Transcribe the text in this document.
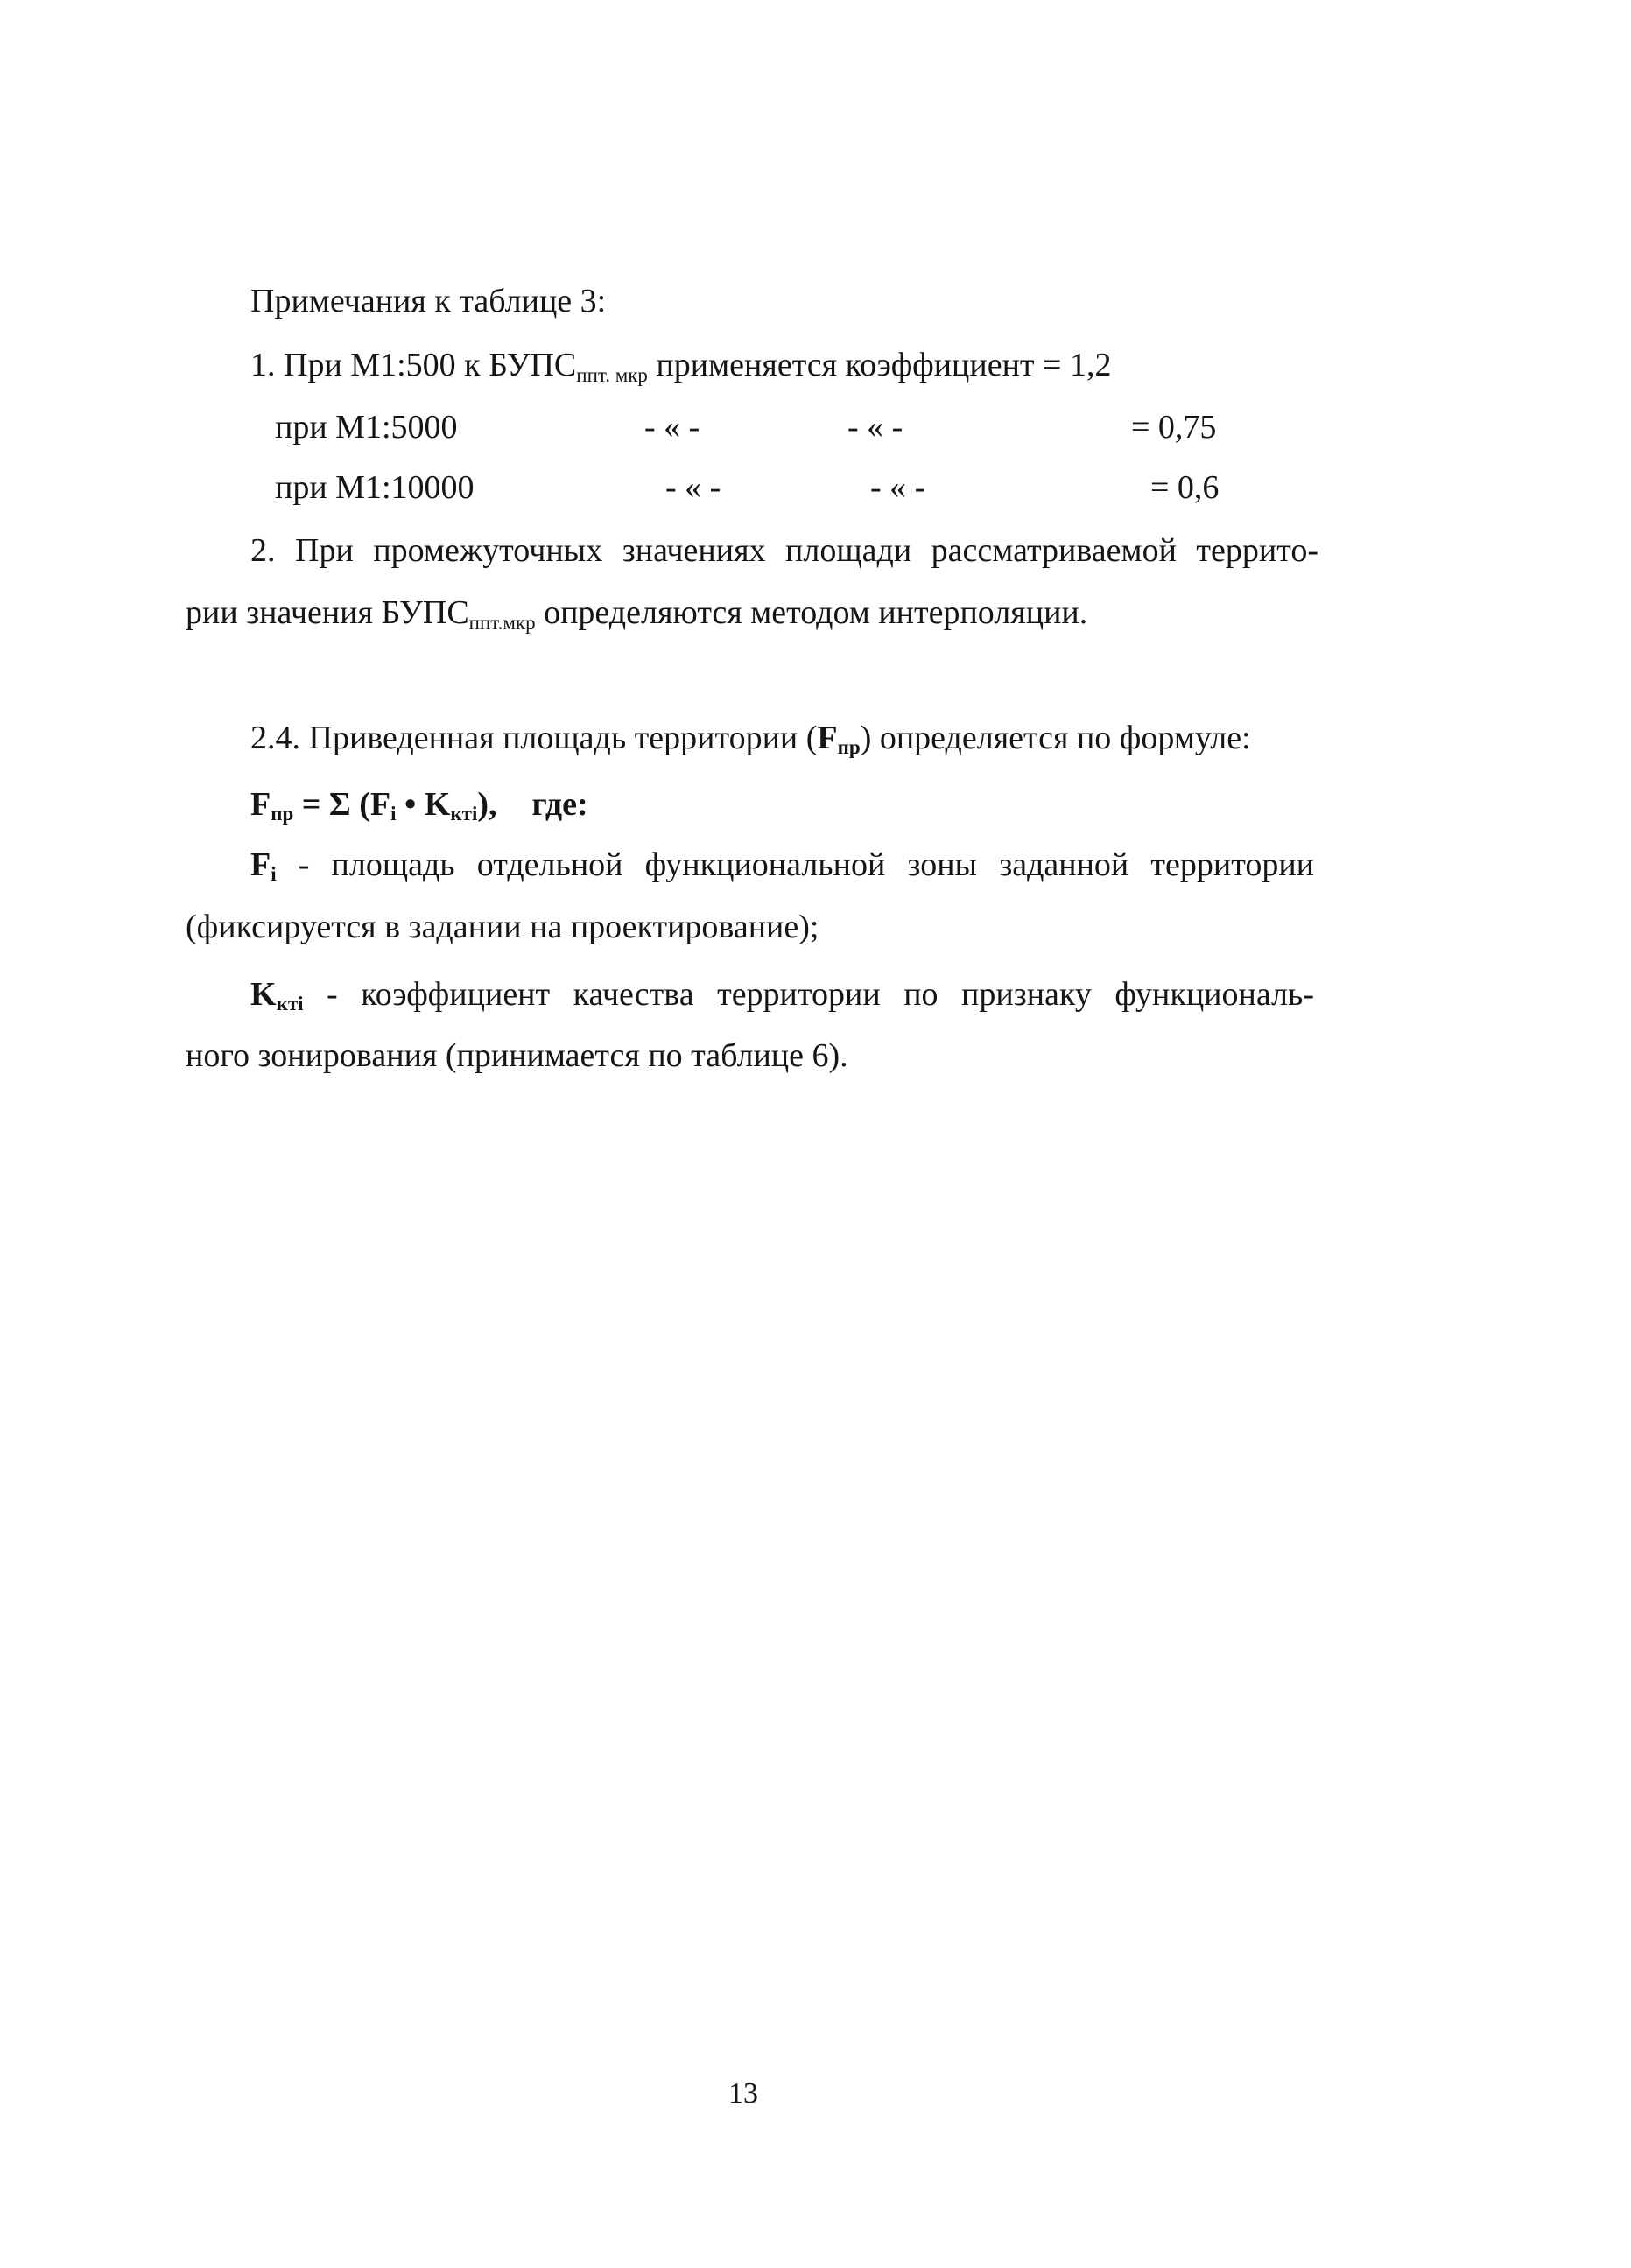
Примечания к таблице 3:
1. При М1:500 к $БУПС_{ппт. мкр}$ применяется коэффициент = 1,2
при М1:5000	- « -	- « -	= 0,75
при М1:10000	- « -	- « -	= 0,6
2. При промежуточных значениях площади рассматриваемой террито-
рии значения $БУПС_{ппт.мкр}$ определяются методом интерполяции.
2.4. Приведенная площадь территории (Fпр) определяется по формуле:
Fпр = Σ (Fi • Kктi), где:
Fi - площадь отдельной функциональной зоны заданной территории
(фиксируется в задании на проектирование);
Kктi - коэффициент качества территории по признаку функциональ-
ного зонирования (принимается по таблице 6).
13
